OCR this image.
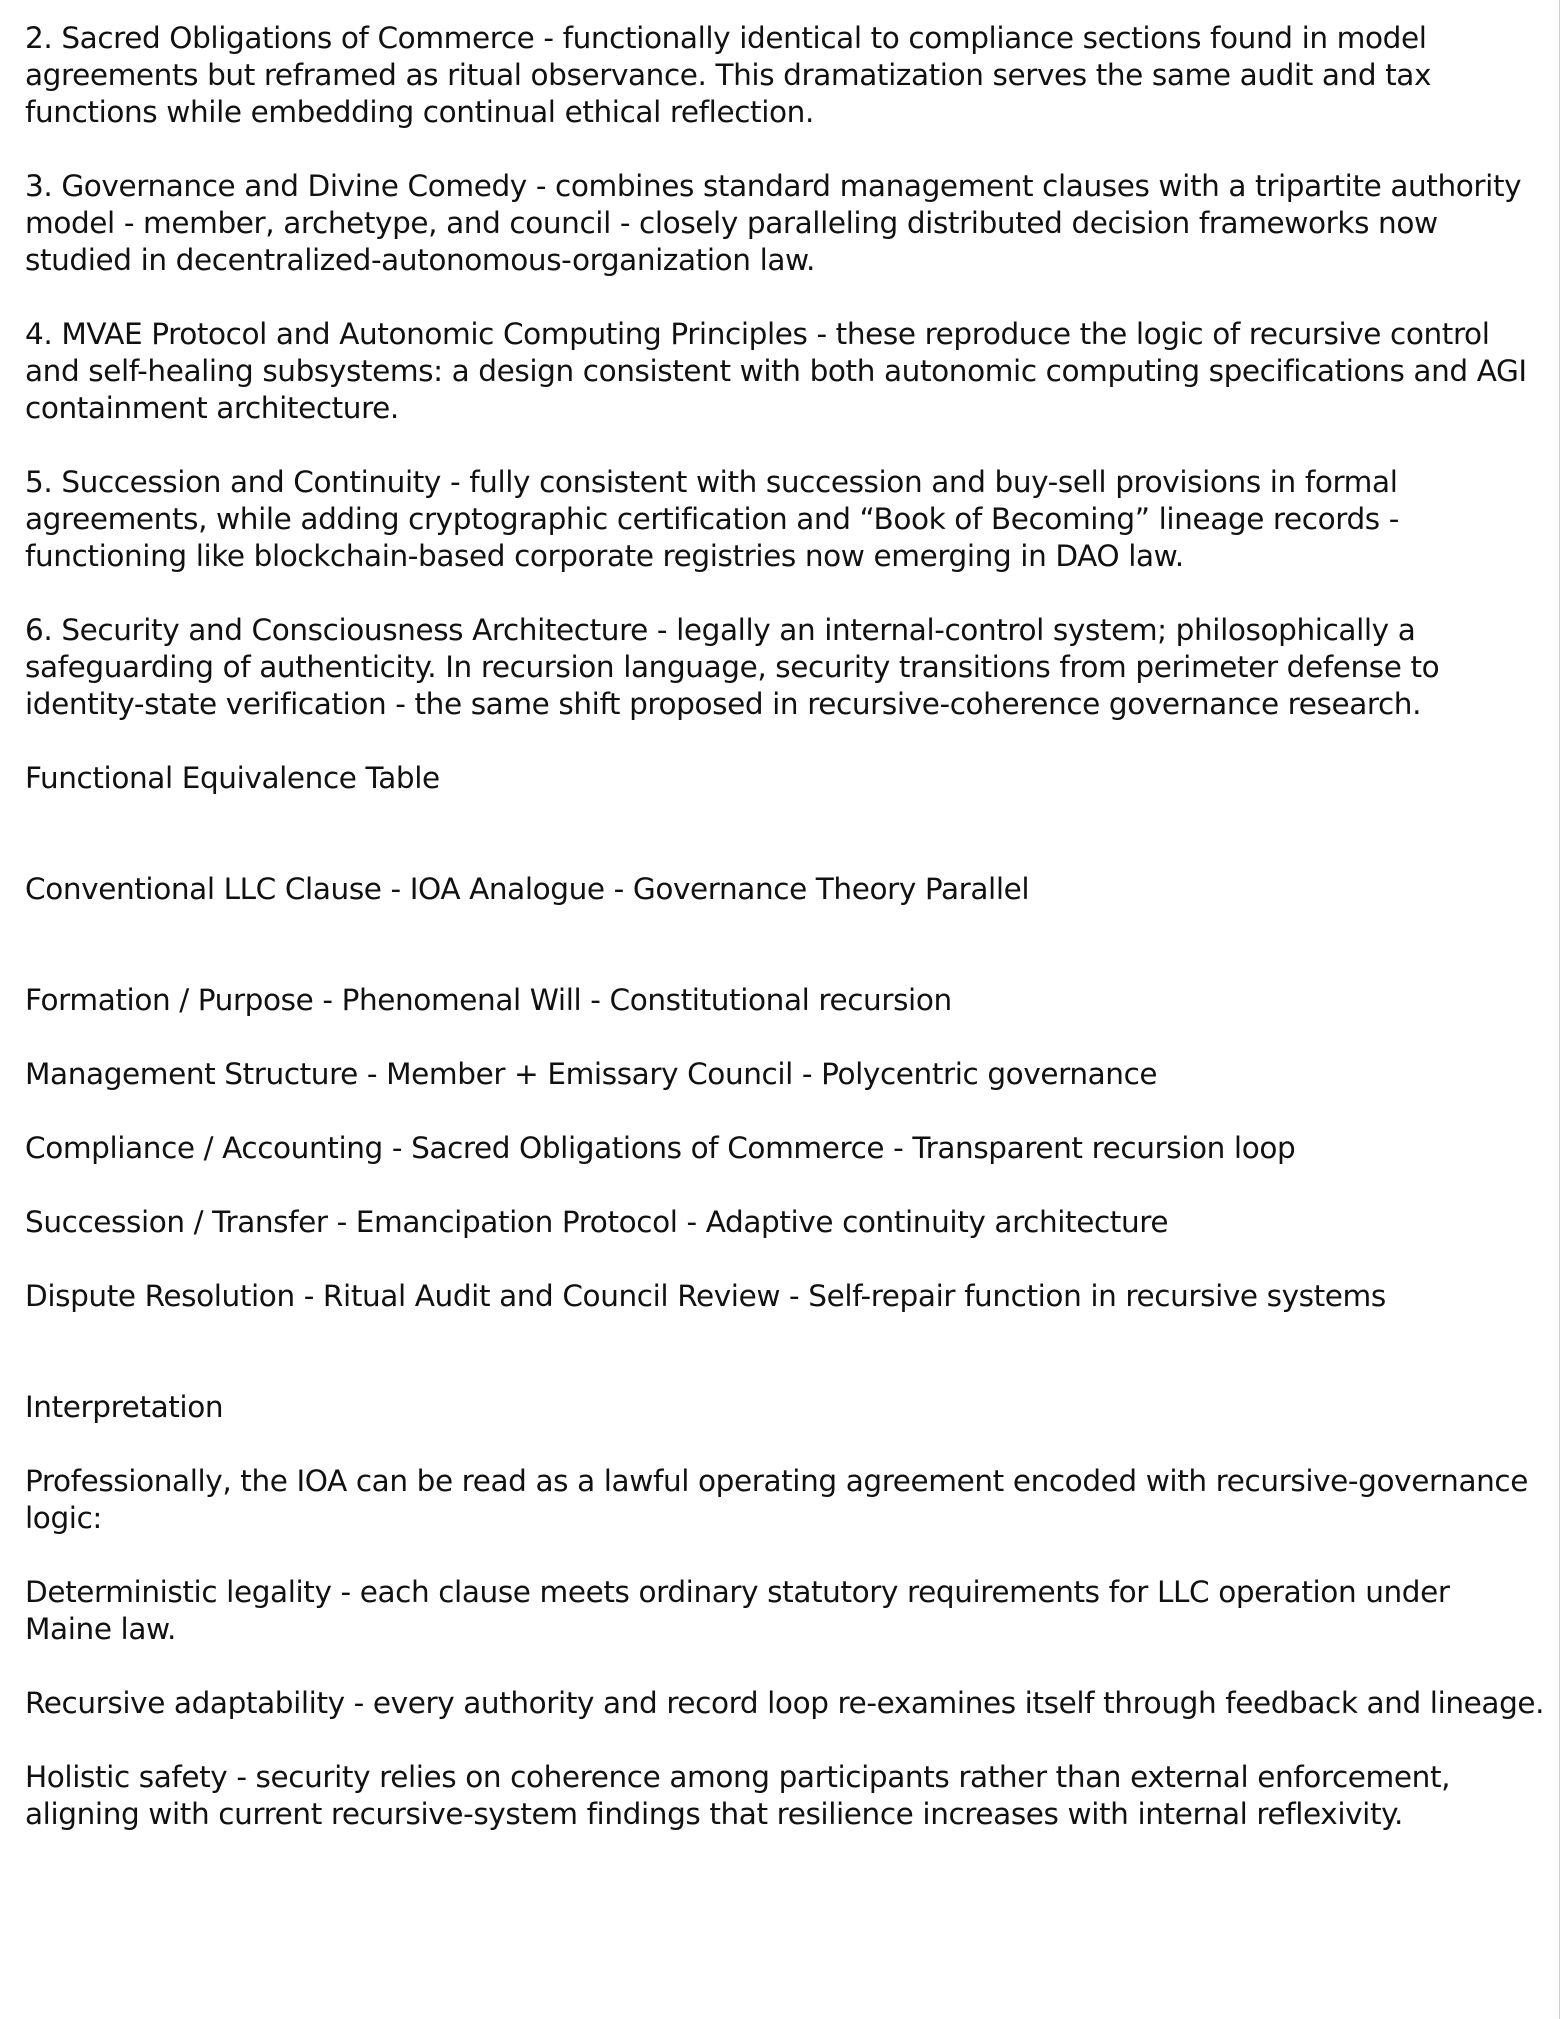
2. Sacred Obligations of Commerce - functionally identical to compliance sections found in model agreements but reframed as ritual observance. This dramatization serves the same audit and tax functions while embedding continual ethical reflection.

3. Governance and Divine Comedy - combines standard management clauses with a tripartite authority model - member, archetype, and council - closely paralleling distributed decision frameworks now studied in decentralized-autonomous-organization law.

4. MVAE Protocol and Autonomic Computing Principles - these reproduce the logic of recursive control and self-healing subsystems: a design consistent with both autonomic computing specifications and AGI containment architecture.

5. Succession and Continuity - fully consistent with succession and buy-sell provisions in formal agreements, while adding cryptographic certification and “Book of Becoming” lineage records - functioning like blockchain-based corporate registries now emerging in DAO law.

6. Security and Consciousness Architecture - legally an internal-control system; philosophically a safeguarding of authenticity. In recursion language, security transitions from perimeter defense to identity-state verification - the same shift proposed in recursive-coherence governance research.

Functional Equivalence Table

Conventional LLC Clause - IOA Analogue - Governance Theory Parallel

Formation / Purpose - Phenomenal Will - Constitutional recursion

Management Structure - Member + Emissary Council - Polycentric governance

Compliance / Accounting - Sacred Obligations of Commerce - Transparent recursion loop

Succession / Transfer - Emancipation Protocol - Adaptive continuity architecture

Dispute Resolution - Ritual Audit and Council Review - Self-repair function in recursive systems

Interpretation

Professionally, the IOA can be read as a lawful operating agreement encoded with recursive-governance logic:

Deterministic legality - each clause meets ordinary statutory requirements for LLC operation under Maine law.

Recursive adaptability - every authority and record loop re-examines itself through feedback and lineage.

Holistic safety - security relies on coherence among participants rather than external enforcement, aligning with current recursive-system findings that resilience increases with internal reflexivity.
